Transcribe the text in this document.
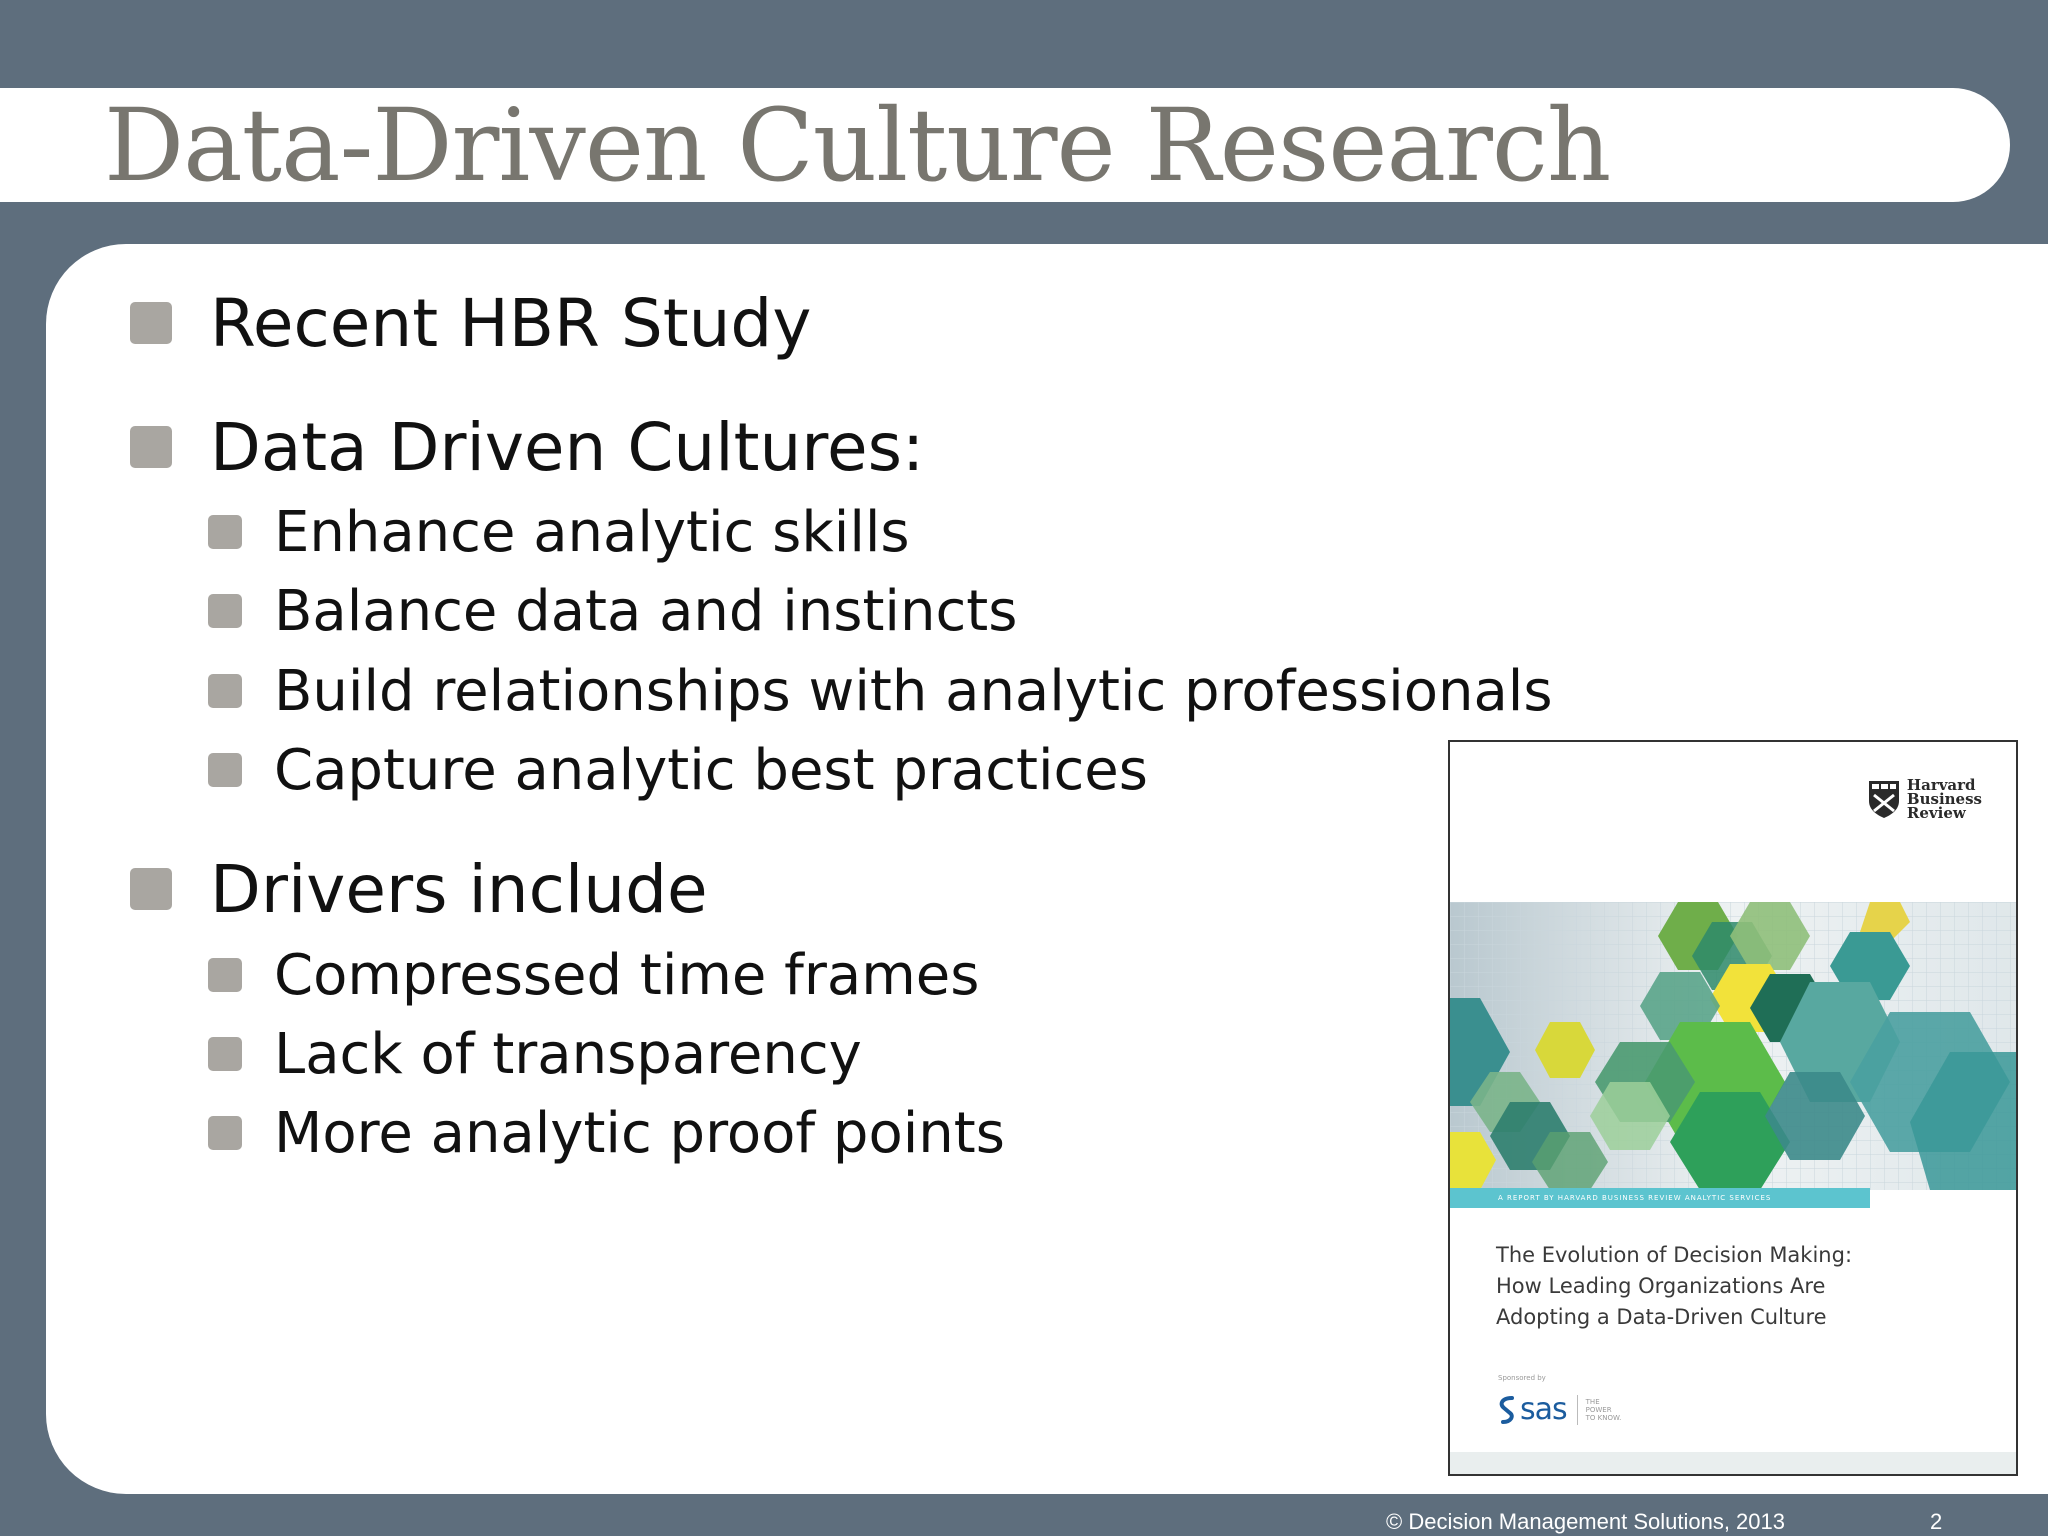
Data-Driven Culture Research
Recent HBR Study
Data Driven Cultures:
Enhance analytic skills
Balance data and instincts
Build relationships with analytic professionals
Capture analytic best practices
Drivers include
Compressed time frames
Lack of transparency
More analytic proof points
Harvard
Business
Review
A REPORT BY HARVARD BUSINESS REVIEW ANALYTIC SERVICES
The Evolution of Decision Making:
How Leading Organizations Are
Adopting a Data-Driven Culture
Sponsored by
sas	THE
POWER
TO KNOW.
© Decision Management Solutions, 2013	2
